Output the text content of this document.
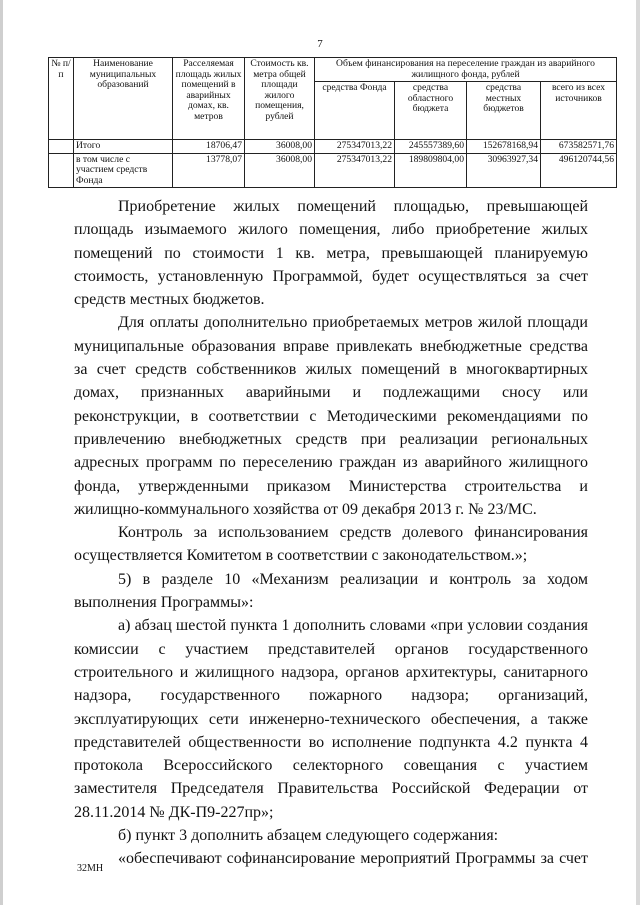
7
№ п/п	Наименование муниципальных образований	Расселяемая площадь жилых помещений в аварийных домах, кв. метров	Стоимость кв. метра общей площади жилого помещения, рублей	Объем финансирования на переселение граждан из аварийного жилищного фонда, рублей			
				средства Фонда	средства областного бюджета	средства местных бюджетов	всего из всех источников
	Итого	18706,47	36008,00	275347013,22	245557389,60	152678168,94	673582571,76
	в том числе с участием средств Фонда	13778,07	36008,00	275347013,22	189809804,00	30963927,34	496120744,56

Приобретение жилых помещений площадью, превышающей площадь изымаемого жилого помещения, либо приобретение жилых помещений по стоимости 1 кв. метра, превышающей планируемую стоимость, установленную Программой, будет осуществляться за счет средств местных бюджетов.

Для оплаты дополнительно приобретаемых метров жилой площади муниципальные образования вправе привлекать внебюджетные средства за счет средств собственников жилых помещений в многоквартирных домах, признанных аварийными и подлежащими сносу или реконструкции, в соответствии с Методическими рекомендациями по привлечению внебюджетных средств при реализации региональных адресных программ по переселению граждан из аварийного жилищного фонда, утвержденными приказом Министерства строительства и жилищно-коммунального хозяйства от 09 декабря 2013 г. № 23/МС.

Контроль за использованием средств долевого финансирования осуществляется Комитетом в соответствии с законодательством.»;

5) в разделе 10 «Механизм реализации и контроль за ходом выполнения Программы»:

а) абзац шестой пункта 1 дополнить словами «при условии создания комиссии с участием представителей органов государственного строительного и жилищного надзора, органов архитектуры, санитарного надзора, государственного пожарного надзора; организаций, эксплуатирующих сети инженерно-технического обеспечения, а также представителей общественности во исполнение подпункта 4.2 пункта 4 протокола Всероссийского селекторного совещания с участием заместителя Председателя Правительства Российской Федерации от 28.11.2014 № ДК-П9-227пр»;

б) пункт 3 дополнить абзацем следующего содержания:

«обеспечивают софинансирование мероприятий Программы за счет

32МН
